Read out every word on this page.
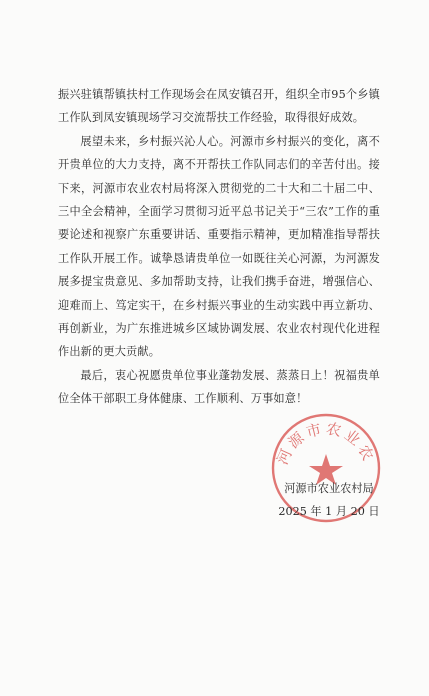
振兴驻镇帮镇扶村工作现场会在凤安镇召开，组织全市95个乡镇工作队到凤安镇现场学习交流帮扶工作经验，取得很好成效。

展望未来，乡村振兴沁人心。河源市乡村振兴的变化，离不开贵单位的大力支持，离不开帮扶工作队同志们的辛苦付出。接下来，河源市农业农村局将深入贯彻党的二十大和二十届二中、三中全会精神，全面学习贯彻习近平总书记关于“三农”工作的重要论述和视察广东重要讲话、重要指示精神，更加精准指导帮扶工作队开展工作。诚挚恳请贵单位一如既往关心河源，为河源发展多提宝贵意见、多加帮助支持，让我们携手奋进，增强信心、迎难而上、笃定实干，在乡村振兴事业的生动实践中再立新功、再创新业，为广东推进城乡区域协调发展、农业农村现代化进程作出新的更大贡献。

最后，衷心祝愿贵单位事业蓬勃发展、蒸蒸日上！祝福贵单位全体干部职工身体健康、工作顺利、万事如意！

河源市农业农
河源市农业农村局
2025 年 1 月 20 日
